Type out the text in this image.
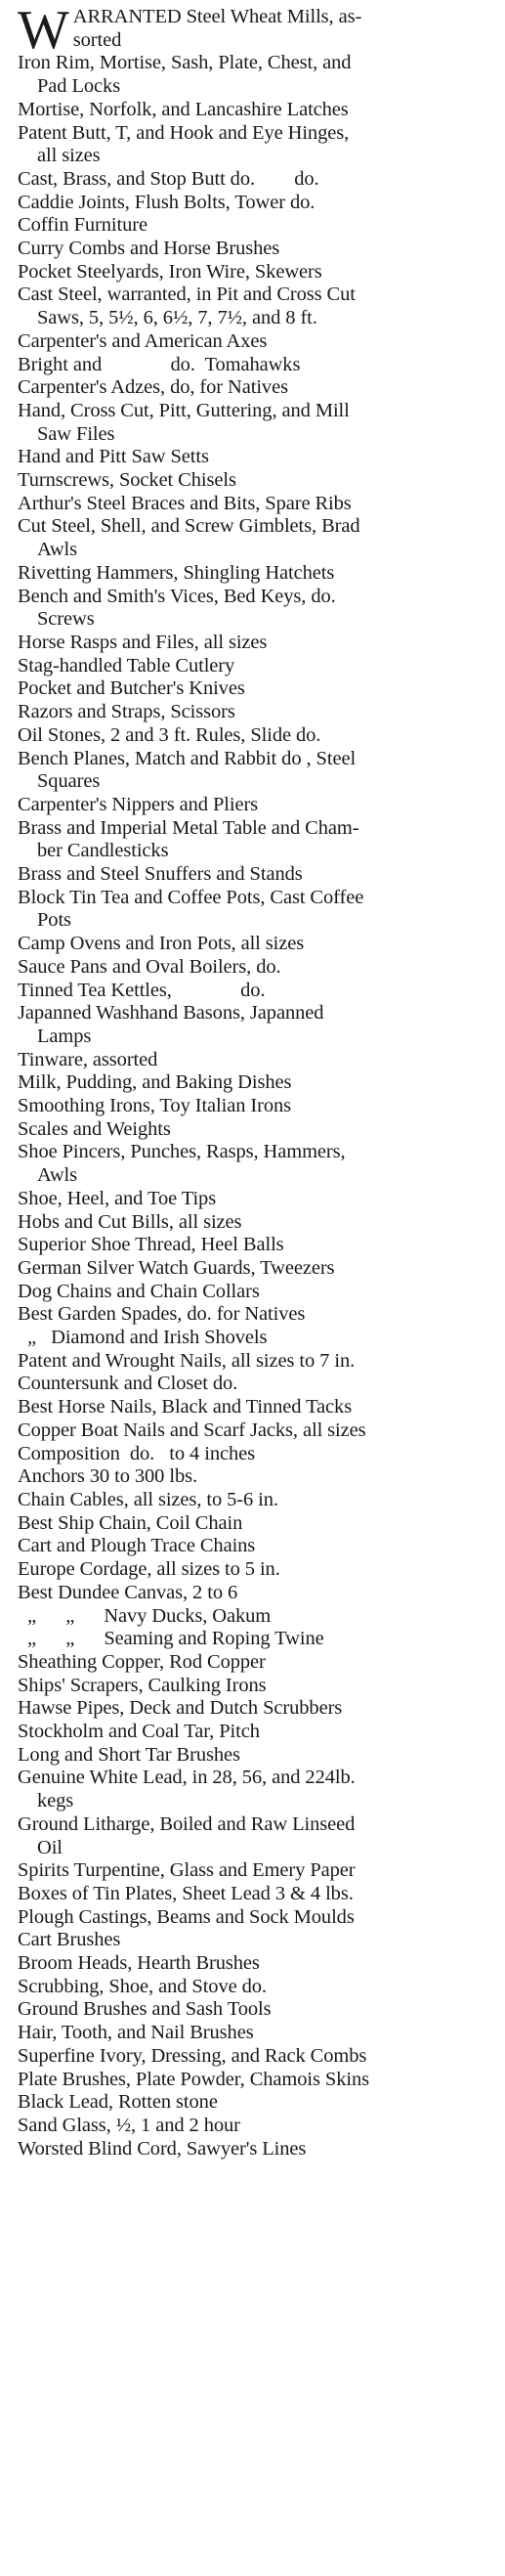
WARRANTED Steel Wheat Mills, as-
sorted
Iron Rim, Mortise, Sash, Plate, Chest, and
Pad Locks
Mortise, Norfolk, and Lancashire Latches
Patent Butt, T, and Hook and Eye Hinges,
all sizes
Cast, Brass, and Stop Butt do.        do.
Caddie Joints, Flush Bolts, Tower do.
Coffin Furniture
Curry Combs and Horse Brushes
Pocket Steelyards, Iron Wire, Skewers
Cast Steel, warranted, in Pit and Cross Cut
Saws, 5, 5½, 6, 6½, 7, 7½, and 8 ft.
Carpenter's and American Axes
Bright and              do.  Tomahawks
Carpenter's Adzes, do, for Natives
Hand, Cross Cut, Pitt, Guttering, and Mill
Saw Files
Hand and Pitt Saw Setts
Turnscrews, Socket Chisels
Arthur's Steel Braces and Bits, Spare Ribs
Cut Steel, Shell, and Screw Gimblets, Brad
Awls
Rivetting Hammers, Shingling Hatchets
Bench and Smith's Vices, Bed Keys, do.
Screws
Horse Rasps and Files, all sizes
Stag-handled Table Cutlery
Pocket and Butcher's Knives
Razors and Straps, Scissors
Oil Stones, 2 and 3 ft. Rules, Slide do.
Bench Planes, Match and Rabbit do , Steel
Squares
Carpenter's Nippers and Pliers
Brass and Imperial Metal Table and Cham-
ber Candlesticks
Brass and Steel Snuffers and Stands
Block Tin Tea and Coffee Pots, Cast Coffee
Pots
Camp Ovens and Iron Pots, all sizes
Sauce Pans and Oval Boilers, do.
Tinned Tea Kettles,              do.
Japanned Washhand Basons, Japanned
Lamps
Tinware, assorted
Milk, Pudding, and Baking Dishes
Smoothing Irons, Toy Italian Irons
Scales and Weights
Shoe Pincers, Punches, Rasps, Hammers,
Awls
Shoe, Heel, and Toe Tips
Hobs and Cut Bills, all sizes
Superior Shoe Thread, Heel Balls
German Silver Watch Guards, Tweezers
Dog Chains and Chain Collars
Best Garden Spades, do. for Natives
„   Diamond and Irish Shovels
Patent and Wrought Nails, all sizes to 7 in.
Countersunk and Closet do.
Best Horse Nails, Black and Tinned Tacks
Copper Boat Nails and Scarf Jacks, all sizes
Composition  do.   to 4 inches
Anchors 30 to 300 lbs.
Chain Cables, all sizes, to 5-6 in.
Best Ship Chain, Coil Chain
Cart and Plough Trace Chains
Europe Cordage, all sizes to 5 in.
Best Dundee Canvas, 2 to 6
„      „      Navy Ducks, Oakum
„      „      Seaming and Roping Twine
Sheathing Copper, Rod Copper
Ships' Scrapers, Caulking Irons
Hawse Pipes, Deck and Dutch Scrubbers
Stockholm and Coal Tar, Pitch
Long and Short Tar Brushes
Genuine White Lead, in 28, 56, and 224lb.
kegs
Ground Litharge, Boiled and Raw Linseed
Oil
Spirits Turpentine, Glass and Emery Paper
Boxes of Tin Plates, Sheet Lead 3 & 4 lbs.
Plough Castings, Beams and Sock Moulds
Cart Brushes
Broom Heads, Hearth Brushes
Scrubbing, Shoe, and Stove do.
Ground Brushes and Sash Tools
Hair, Tooth, and Nail Brushes
Superfine Ivory, Dressing, and Rack Combs
Plate Brushes, Plate Powder, Chamois Skins
Black Lead, Rotten stone
Sand Glass, ½, 1 and 2 hour
Worsted Blind Cord, Sawyer's Lines
